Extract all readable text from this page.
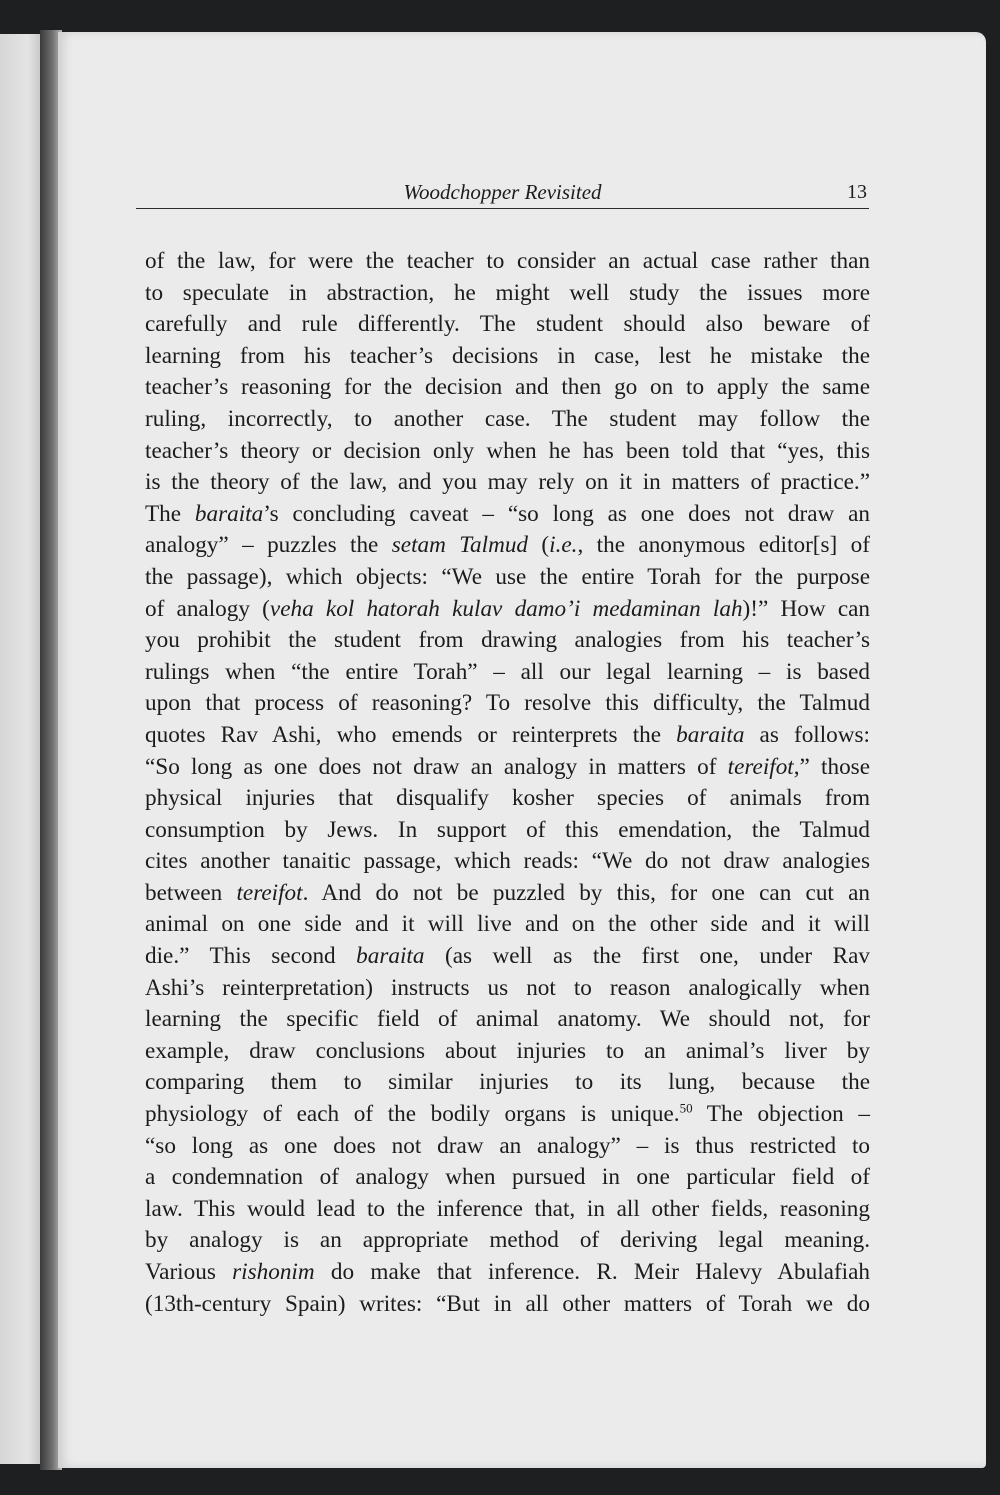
Woodchopper Revisited	13
of the law, for were the teacher to consider an actual case rather than
to speculate in abstraction, he might well study the issues more
carefully and rule differently. The student should also beware of
learning from his teacher’s decisions in case, lest he mistake the
teacher’s reasoning for the decision and then go on to apply the same
ruling, incorrectly, to another case. The student may follow the
teacher’s theory or decision only when he has been told that “yes, this
is the theory of the law, and you may rely on it in matters of practice.”
The baraita’s concluding caveat – “so long as one does not draw an
analogy” – puzzles the setam Talmud (i.e., the anonymous editor[s] of
the passage), which objects: “We use the entire Torah for the purpose
of analogy (veha kol hatorah kulav damo’i medaminan lah)!” How can
you prohibit the student from drawing analogies from his teacher’s
rulings when “the entire Torah” – all our legal learning – is based
upon that process of reasoning? To resolve this difficulty, the Talmud
quotes Rav Ashi, who emends or reinterprets the baraita as follows:
“So long as one does not draw an analogy in matters of tereifot,” those
physical injuries that disqualify kosher species of animals from
consumption by Jews. In support of this emendation, the Talmud
cites another tanaitic passage, which reads: “We do not draw analogies
between tereifot. And do not be puzzled by this, for one can cut an
animal on one side and it will live and on the other side and it will
die.” This second baraita (as well as the first one, under Rav
Ashi’s reinterpretation) instructs us not to reason analogically when
learning the specific field of animal anatomy. We should not, for
example, draw conclusions about injuries to an animal’s liver by
comparing them to similar injuries to its lung, because the
physiology of each of the bodily organs is unique.$^{50}$ The objection –
“so long as one does not draw an analogy” – is thus restricted to
a condemnation of analogy when pursued in one particular field of
law. This would lead to the inference that, in all other fields, reasoning
by analogy is an appropriate method of deriving legal meaning.
Various rishonim do make that inference. R. Meir Halevy Abulafiah
(13th-century Spain) writes: “But in all other matters of Torah we do
